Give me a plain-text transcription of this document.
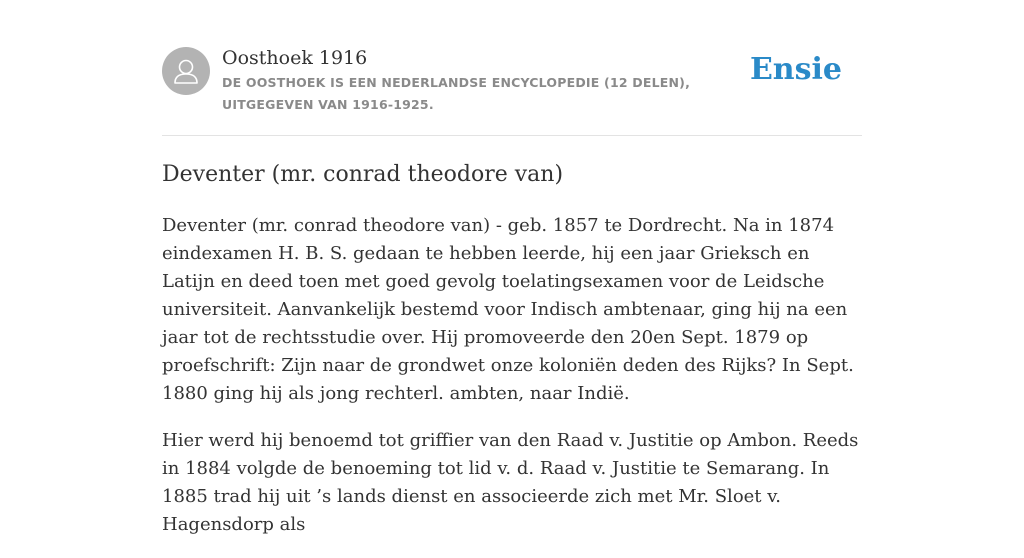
Oosthoek 1916
DE OOSTHOEK IS EEN NEDERLANDSE ENCYCLOPEDIE (12 DELEN), UITGEGEVEN VAN 1916-1925.
Ensie
Deventer (mr. conrad theodore van)

Deventer (mr. conrad theodore van) - geb. 1857 te Dordrecht. Na in 1874 eindexamen H. B. S. gedaan te hebben leerde, hij een jaar Grieksch en Latijn en deed toen met goed gevolg toelatingsexamen voor de Leidsche universiteit. Aanvankelijk bestemd voor Indisch ambtenaar, ging hij na een jaar tot de rechtsstudie over. Hij promoveerde den 20en Sept. 1879 op proefschrift: Zijn naar de grondwet onze koloniën deden des Rijks? In Sept. 1880 ging hij als jong rechterl. ambten, naar Indië.

Hier werd hij benoemd tot griffier van den Raad v. Justitie op Ambon. Reeds in 1884 volgde de benoeming tot lid v. d. Raad v. Justitie te Semarang. In 1885 trad hij uit ’s lands dienst en associeerde zich met Mr. Sloet v. Hagensdorp als
